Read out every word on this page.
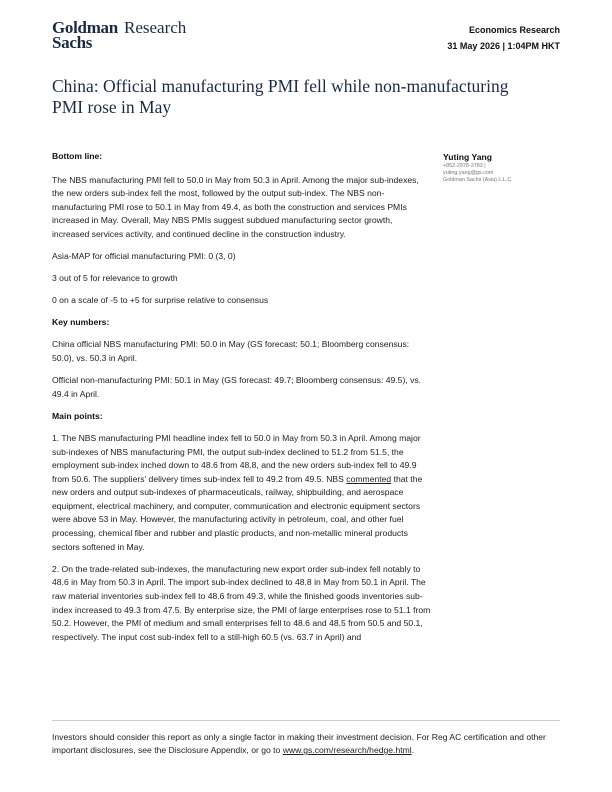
Goldman
Sachs
Research	Economics Research
31 May 2026 | 1:04PM HKT
China: Official manufacturing PMI fell while non-manufacturing PMI rose in May
Yuting Yang
+852-2978-2783 |
yuting.yang@gs.com
Goldman Sachs (Asia) L.L.C.
Bottom line:

The NBS manufacturing PMI fell to 50.0 in May from 50.3 in April. Among the major sub-indexes, the new orders sub-index fell the most, followed by the output sub-index. The NBS non-manufacturing PMI rose to 50.1 in May from 49.4, as both the construction and services PMIs increased in May. Overall, May NBS PMIs suggest subdued manufacturing sector growth, increased services activity, and continued decline in the construction industry.

Asia-MAP for official manufacturing PMI: 0 (3, 0)

3 out of 5 for relevance to growth

0 on a scale of -5 to +5 for surprise relative to consensus

Key numbers:

China official NBS manufacturing PMI: 50.0 in May (GS forecast: 50.1; Bloomberg consensus: 50.0), vs. 50.3 in April.

Official non-manufacturing PMI: 50.1 in May (GS forecast: 49.7; Bloomberg consensus: 49.5), vs. 49.4 in April.

Main points:

1. The NBS manufacturing PMI headline index fell to 50.0 in May from 50.3 in April. Among major sub-indexes of NBS manufacturing PMI, the output sub-index declined to 51.2 from 51.5, the employment sub-index inched down to 48.6 from 48.8, and the new orders sub-index fell to 49.9 from 50.6. The suppliers' delivery times sub-index fell to 49.2 from 49.5. NBS commented that the new orders and output sub-indexes of pharmaceuticals, railway, shipbuilding, and aerospace equipment, electrical machinery, and computer, communication and electronic equipment sectors were above 53 in May. However, the manufacturing activity in petroleum, coal, and other fuel processing, chemical fiber and rubber and plastic products, and non-metallic mineral products sectors softened in May.

2. On the trade-related sub-indexes, the manufacturing new export order sub-index fell notably to 48.6 in May from 50.3 in April. The import sub-index declined to 48.8 in May from 50.1 in April. The raw material inventories sub-index fell to 48.6 from 49.3, while the finished goods inventories sub-index increased to 49.3 from 47.5. By enterprise size, the PMI of large enterprises rose to 51.1 from 50.2. However, the PMI of medium and small enterprises fell to 48.6 and 48.5 from 50.5 and 50.1, respectively. The input cost sub-index fell to a still-high 60.5 (vs. 63.7 in April) and

Investors should consider this report as only a single factor in making their investment decision. For Reg AC certification and other important disclosures, see the Disclosure Appendix, or go to www.gs.com/research/hedge.html.
